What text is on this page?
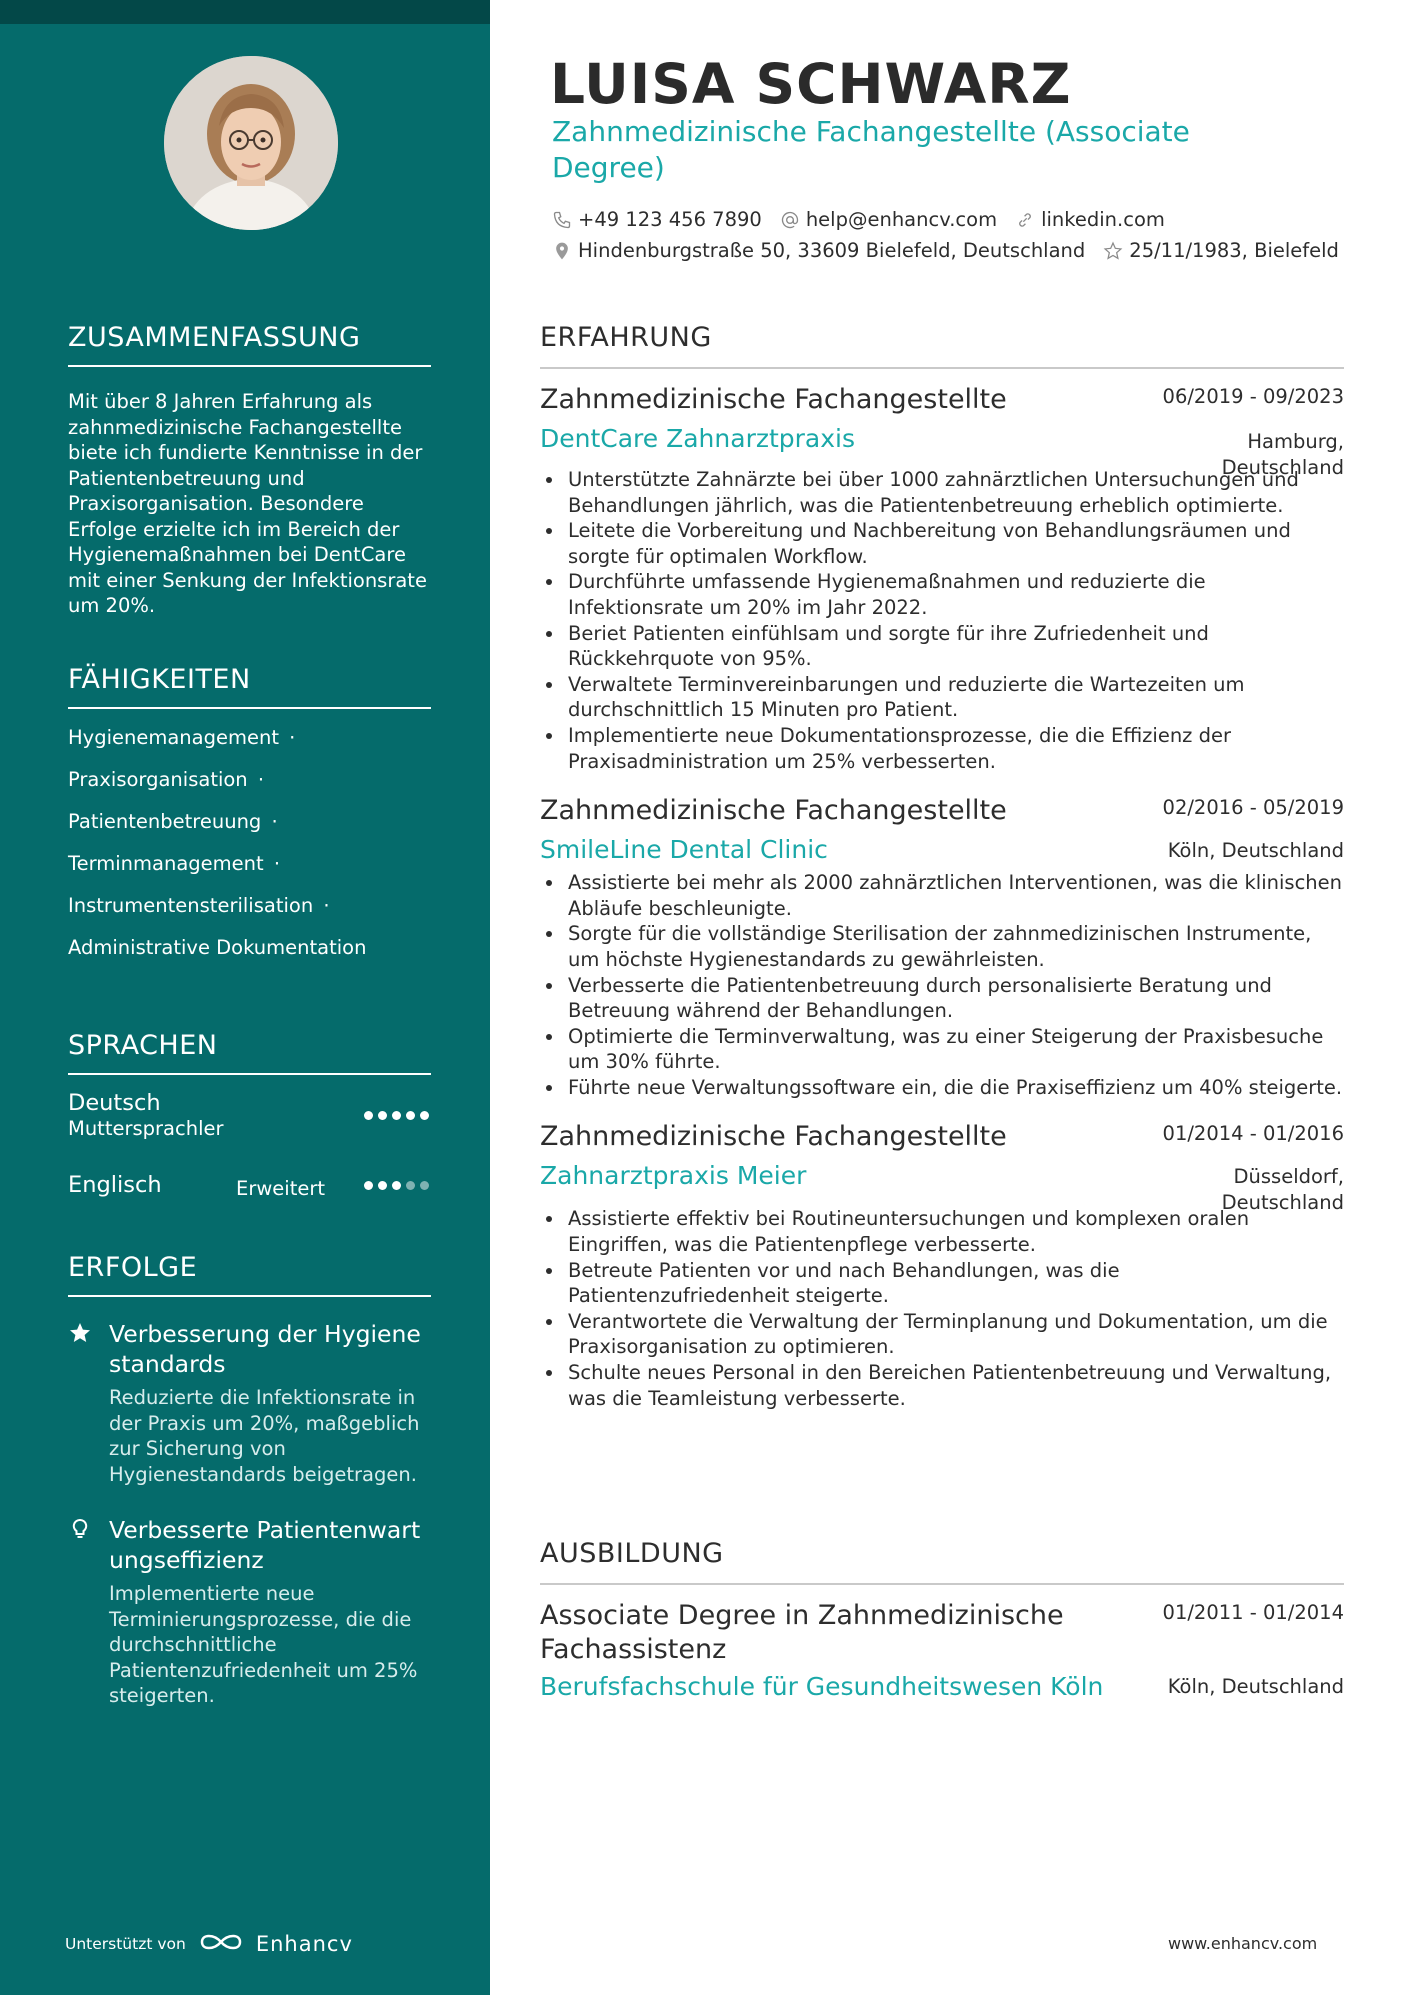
ZUSAMMENFASSUNG
Mit über 8 Jahren Erfahrung als zahnmedizinische Fachangestellte biete ich fundierte Kenntnisse in der Patientenbetreuung und Praxisorganisation. Besondere Erfolge erzielte ich im Bereich der Hygienemaßnahmen bei DentCare mit einer Senkung der Infektionsrate um 20%.
FÄHIGKEITEN
Hygienemanagement ·
Praxisorganisation ·
Patientenbetreuung ·
Terminmanagement ·
Instrumentensterilisation ·
Administrative Dokumentation
SPRACHEN
Deutsch
Muttersprachler
Englisch	Erweitert
ERFOLGE
Verbesserung der Hygienestandards
Reduzierte die Infektionsrate in der Praxis um 20%, maßgeblich zur Sicherung von Hygienestandards beigetragen.
Verbesserte Patientenwartungseffizienz
Implementierte neue Terminierungsprozesse, die die durchschnittliche Patientenzufriedenheit um 25% steigerten.
Unterstützt von	Enhancv
LUISA SCHWARZ
Zahnmedizinische Fachangestellte (Associate Degree)
+49 123 456 7890 help@enhancv.com linkedin.com
Hindenburgstraße 50, 33609 Bielefeld, Deutschland 25/11/1983, Bielefeld
ERFAHRUNG
Zahnmedizinische Fachangestellte	06/2019 - 09/2023
Hamburg, Deutschland
DentCare Zahnarztpraxis
Unterstützte Zahnärzte bei über 1000 zahnärztlichen Untersuchungen und Behandlungen jährlich, was die Patientenbetreuung erheblich optimierte.
Leitete die Vorbereitung und Nachbereitung von Behandlungsräumen und sorgte für optimalen Workflow.
Durchführte umfassende Hygienemaßnahmen und reduzierte die Infektionsrate um 20% im Jahr 2022.
Beriet Patienten einfühlsam und sorgte für ihre Zufriedenheit und Rückkehrquote von 95%.
Verwaltete Terminvereinbarungen und reduzierte die Wartezeiten um durchschnittlich 15 Minuten pro Patient.
Implementierte neue Dokumentationsprozesse, die die Effizienz der Praxisadministration um 25% verbesserten.
Zahnmedizinische Fachangestellte	02/2016 - 05/2019
Köln, Deutschland
SmileLine Dental Clinic
Assistierte bei mehr als 2000 zahnärztlichen Interventionen, was die klinischen Abläufe beschleunigte.
Sorgte für die vollständige Sterilisation der zahnmedizinischen Instrumente, um höchste Hygienestandards zu gewährleisten.
Verbesserte die Patientenbetreuung durch personalisierte Beratung und Betreuung während der Behandlungen.
Optimierte die Terminverwaltung, was zu einer Steigerung der Praxisbesuche um 30% führte.
Führte neue Verwaltungssoftware ein, die die Praxiseffizienz um 40% steigerte.
Zahnmedizinische Fachangestellte	01/2014 - 01/2016
Düsseldorf, Deutschland
Zahnarztpraxis Meier
Assistierte effektiv bei Routineuntersuchungen und komplexen oralen Eingriffen, was die Patientenpflege verbesserte.
Betreute Patienten vor und nach Behandlungen, was die Patientenzufriedenheit steigerte.
Verantwortete die Verwaltung der Terminplanung und Dokumentation, um die Praxisorganisation zu optimieren.
Schulte neues Personal in den Bereichen Patientenbetreuung und Verwaltung, was die Teamleistung verbesserte.
AUSBILDUNG
Associate Degree in Zahnmedizinische Fachassistenz
01/2011 - 01/2014
Köln, Deutschland
Berufsfachschule für Gesundheitswesen Köln
www.enhancv.com
